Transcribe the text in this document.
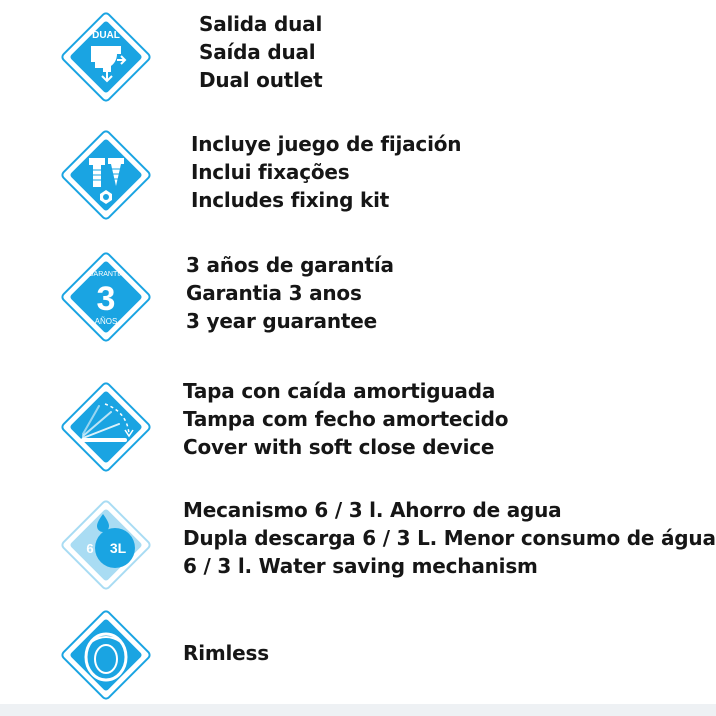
DUAL	Salida dual
Saída dual
Dual outlet
Incluye juego de fijación
Inclui fixações
Includes fixing kit
GARANTÍA
3
AÑOS
3 años de garantía
Garantia 3 anos
3 year guarantee
Tapa con caída amortiguada
Tampa com fecho amortecido
Cover with soft close device
6 3L
Mecanismo 6 / 3 l. Ahorro de agua
Dupla descarga 6 / 3 L. Menor consumo de água
6 / 3 l. Water saving mechanism
Rimless
